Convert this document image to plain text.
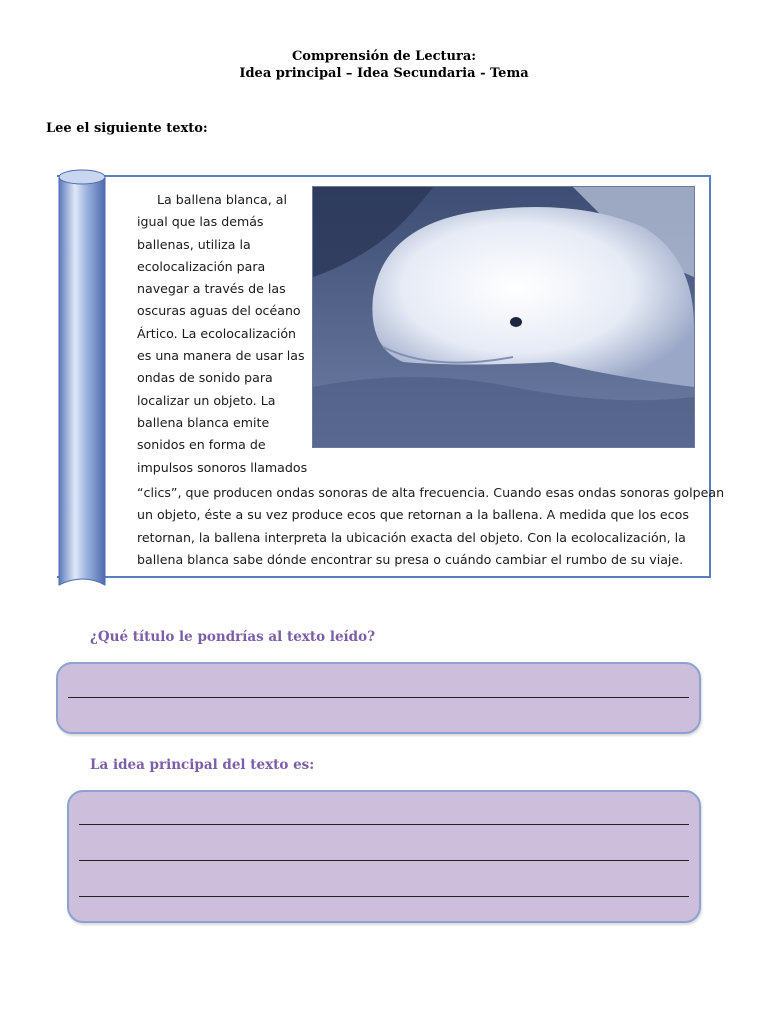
Comprensión de Lectura:
Idea principal – Idea Secundaria - Tema
Lee el siguiente texto:
La ballena blanca, al
igual que las demás
ballenas, utiliza la
ecolocalización para
navegar a través de las
oscuras aguas del océano
Ártico. La ecolocalización
es una manera de usar las
ondas de sonido para
localizar un objeto. La
ballena blanca emite
sonidos en forma de
impulsos sonoros llamados
“clics”, que producen ondas sonoras de alta frecuencia. Cuando esas ondas sonoras golpean
un objeto, éste a su vez produce ecos que retornan a la ballena. A medida que los ecos
retornan, la ballena interpreta la ubicación exacta del objeto. Con la ecolocalización, la
ballena blanca sabe dónde encontrar su presa o cuándo cambiar el rumbo de su viaje.
¿Qué título le pondrías al texto leído?
La idea principal del texto es:
